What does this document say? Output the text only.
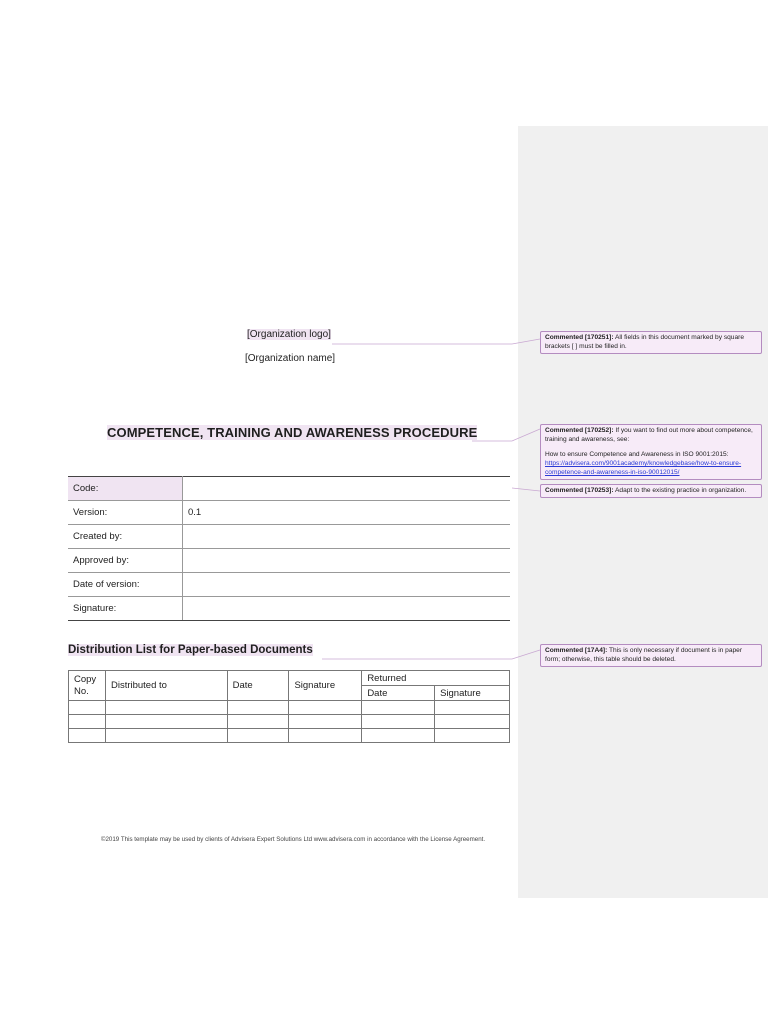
[Organization logo]
[Organization name]
COMPETENCE, TRAINING AND AWARENESS PROCEDURE
Code:	
Version:	0.1
Created by:	
Approved by:	
Date of version:	
Signature:	
Distribution List for Paper-based Documents
Copy No.	Distributed to	Date	Signature	Returned	
				Date	Signature

©2019 This template may be used by clients of Advisera Expert Solutions Ltd www.advisera.com in accordance with the License Agreement.

Commented [170251]: All fields in this document marked by square brackets [ ] must be filled in.

Commented [170252]: If you want to find out more about competence, training and awareness, see:

How to ensure Competence and Awareness in ISO 9001:2015:

https://advisera.com/9001academy/knowledgebase/how-to-ensure-competence-and-awareness-in-iso-90012015/

Commented [170253]: Adapt to the existing practice in organization.

Commented [17A4]: This is only necessary if document is in paper form; otherwise, this table should be deleted.
